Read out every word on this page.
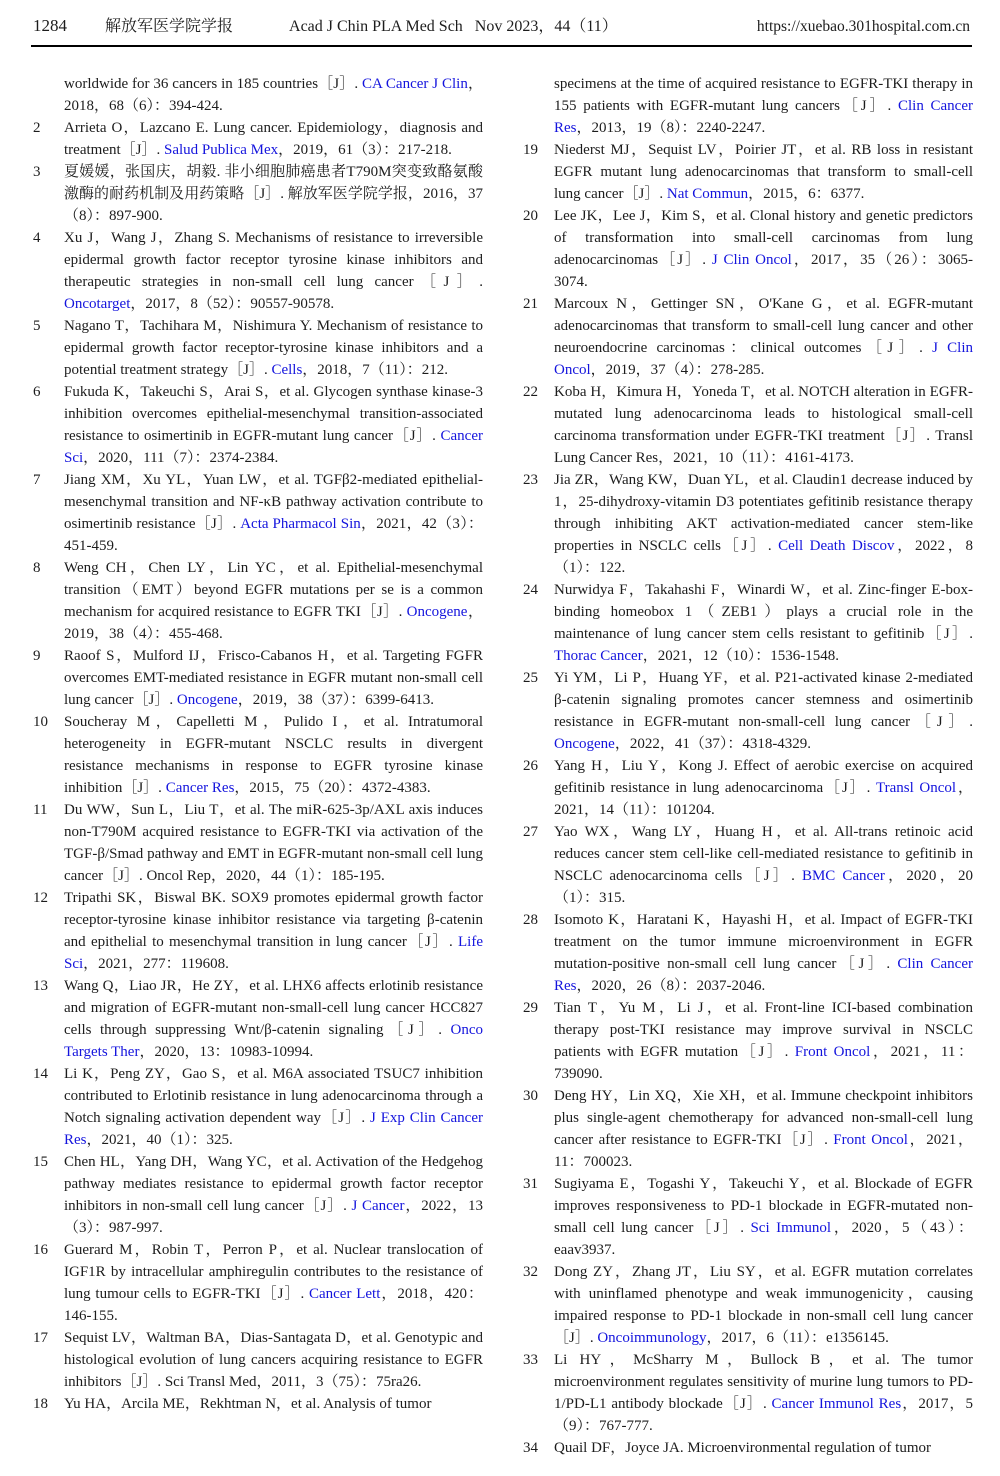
1284 解放军医学院学报	Acad J Chin PLA Med Sch Nov 2023，44（11）	https://xuebao.301hospital.com.cn
worldwide for 36 cancers in 185 countries［J］. CA Cancer J Clin，2018，68（6）：394-424.
2	Arrieta O，Lazcano E. Lung cancer. Epidemiology，diagnosis and treatment［J］. Salud Publica Mex，2019，61（3）：217-218.
3	夏媛媛，张国庆，胡毅. 非小细胞肺癌患者T790M突变致酪氨酸激酶的耐药机制及用药策略［J］. 解放军医学院学报，2016，37（8）：897-900.
4	Xu J，Wang J，Zhang S. Mechanisms of resistance to irreversible epidermal growth factor receptor tyrosine kinase inhibitors and therapeutic strategies in non-small cell lung cancer［J］. Oncotarget，2017，8（52）：90557-90578.
5	Nagano T，Tachihara M，Nishimura Y. Mechanism of resistance to epidermal growth factor receptor-tyrosine kinase inhibitors and a potential treatment strategy［J］. Cells，2018，7（11）：212.
6	Fukuda K，Takeuchi S，Arai S，et al. Glycogen synthase kinase-3 inhibition overcomes epithelial-mesenchymal transition-associated resistance to osimertinib in EGFR-mutant lung cancer［J］. Cancer Sci，2020，111（7）：2374-2384.
7	Jiang XM，Xu YL，Yuan LW，et al. TGFβ2-mediated epithelial-mesenchymal transition and NF-κB pathway activation contribute to osimertinib resistance［J］. Acta Pharmacol Sin，2021，42（3）：451-459.
8	Weng CH，Chen LY，Lin YC，et al. Epithelial-mesenchymal transition（EMT）beyond EGFR mutations per se is a common mechanism for acquired resistance to EGFR TKI［J］. Oncogene，2019，38（4）：455-468.
9	Raoof S，Mulford IJ，Frisco-Cabanos H，et al. Targeting FGFR overcomes EMT-mediated resistance in EGFR mutant non-small cell lung cancer［J］. Oncogene，2019，38（37）：6399-6413.
10	Soucheray M，Capelletti M，Pulido I，et al. Intratumoral heterogeneity in EGFR-mutant NSCLC results in divergent resistance mechanisms in response to EGFR tyrosine kinase inhibition［J］. Cancer Res，2015，75（20）：4372-4383.
11	Du WW，Sun L，Liu T，et al. The miR-625-3p/AXL axis induces non-T790M acquired resistance to EGFR-TKI via activation of the TGF-β/Smad pathway and EMT in EGFR-mutant non-small cell lung cancer［J］. Oncol Rep，2020，44（1）：185-195.
12	Tripathi SK，Biswal BK. SOX9 promotes epidermal growth factor receptor-tyrosine kinase inhibitor resistance via targeting β-catenin and epithelial to mesenchymal transition in lung cancer［J］. Life Sci，2021，277：119608.
13	Wang Q，Liao JR，He ZY，et al. LHX6 affects erlotinib resistance and migration of EGFR-mutant non-small-cell lung cancer HCC827 cells through suppressing Wnt/β-catenin signaling［J］. Onco Targets Ther，2020，13：10983-10994.
14	Li K，Peng ZY，Gao S，et al. M6A associated TSUC7 inhibition contributed to Erlotinib resistance in lung adenocarcinoma through a Notch signaling activation dependent way［J］. J Exp Clin Cancer Res，2021，40（1）：325.
15	Chen HL，Yang DH，Wang YC，et al. Activation of the Hedgehog pathway mediates resistance to epidermal growth factor receptor inhibitors in non-small cell lung cancer［J］. J Cancer，2022，13（3）：987-997.
16	Guerard M，Robin T，Perron P，et al. Nuclear translocation of IGF1R by intracellular amphiregulin contributes to the resistance of lung tumour cells to EGFR-TKI［J］. Cancer Lett，2018，420：146-155.
17	Sequist LV，Waltman BA，Dias-Santagata D，et al. Genotypic and histological evolution of lung cancers acquiring resistance to EGFR inhibitors［J］. Sci Transl Med，2011，3（75）：75ra26.
18	Yu HA，Arcila ME，Rekhtman N，et al. Analysis of tumor
specimens at the time of acquired resistance to EGFR-TKI therapy in 155 patients with EGFR-mutant lung cancers［J］. Clin Cancer Res，2013，19（8）：2240-2247.
19	Niederst MJ，Sequist LV，Poirier JT，et al. RB loss in resistant EGFR mutant lung adenocarcinomas that transform to small-cell lung cancer［J］. Nat Commun，2015，6：6377.
20	Lee JK，Lee J，Kim S，et al. Clonal history and genetic predictors of transformation into small-cell carcinomas from lung adenocarcinomas［J］. J Clin Oncol，2017，35（26）：3065-3074.
21	Marcoux N，Gettinger SN，O'Kane G，et al. EGFR-mutant adenocarcinomas that transform to small-cell lung cancer and other neuroendocrine carcinomas：clinical outcomes［J］. J Clin Oncol，2019，37（4）：278-285.
22	Koba H，Kimura H，Yoneda T，et al. NOTCH alteration in EGFR-mutated lung adenocarcinoma leads to histological small-cell carcinoma transformation under EGFR-TKI treatment［J］. Transl Lung Cancer Res，2021，10（11）：4161-4173.
23	Jia ZR，Wang KW，Duan YL，et al. Claudin1 decrease induced by 1，25-dihydroxy-vitamin D3 potentiates gefitinib resistance therapy through inhibiting AKT activation-mediated cancer stem-like properties in NSCLC cells［J］. Cell Death Discov，2022，8（1）：122.
24	Nurwidya F，Takahashi F，Winardi W，et al. Zinc-finger E-box-binding homeobox 1（ZEB1）plays a crucial role in the maintenance of lung cancer stem cells resistant to gefitinib［J］. Thorac Cancer，2021，12（10）：1536-1548.
25	Yi YM，Li P，Huang YF，et al. P21-activated kinase 2-mediated β-catenin signaling promotes cancer stemness and osimertinib resistance in EGFR-mutant non-small-cell lung cancer［J］. Oncogene，2022，41（37）：4318-4329.
26	Yang H，Liu Y，Kong J. Effect of aerobic exercise on acquired gefitinib resistance in lung adenocarcinoma［J］. Transl Oncol，2021，14（11）：101204.
27	Yao WX，Wang LY，Huang H，et al. All-trans retinoic acid reduces cancer stem cell-like cell-mediated resistance to gefitinib in NSCLC adenocarcinoma cells［J］. BMC Cancer，2020，20（1）：315.
28	Isomoto K，Haratani K，Hayashi H，et al. Impact of EGFR-TKI treatment on the tumor immune microenvironment in EGFR mutation-positive non-small cell lung cancer［J］. Clin Cancer Res，2020，26（8）：2037-2046.
29	Tian T，Yu M，Li J，et al. Front-line ICI-based combination therapy post-TKI resistance may improve survival in NSCLC patients with EGFR mutation［J］. Front Oncol，2021，11：739090.
30	Deng HY，Lin XQ，Xie XH，et al. Immune checkpoint inhibitors plus single-agent chemotherapy for advanced non-small-cell lung cancer after resistance to EGFR-TKI［J］. Front Oncol，2021，11：700023.
31	Sugiyama E，Togashi Y，Takeuchi Y，et al. Blockade of EGFR improves responsiveness to PD-1 blockade in EGFR-mutated non-small cell lung cancer［J］. Sci Immunol，2020，5（43）：eaav3937.
32	Dong ZY，Zhang JT，Liu SY，et al. EGFR mutation correlates with uninflamed phenotype and weak immunogenicity，causing impaired response to PD-1 blockade in non-small cell lung cancer［J］. Oncoimmunology，2017，6（11）：e1356145.
33	Li HY，McSharry M，Bullock B，et al. The tumor microenvironment regulates sensitivity of murine lung tumors to PD-1/PD-L1 antibody blockade［J］. Cancer Immunol Res，2017，5（9）：767-777.
34	Quail DF，Joyce JA. Microenvironmental regulation of tumor
